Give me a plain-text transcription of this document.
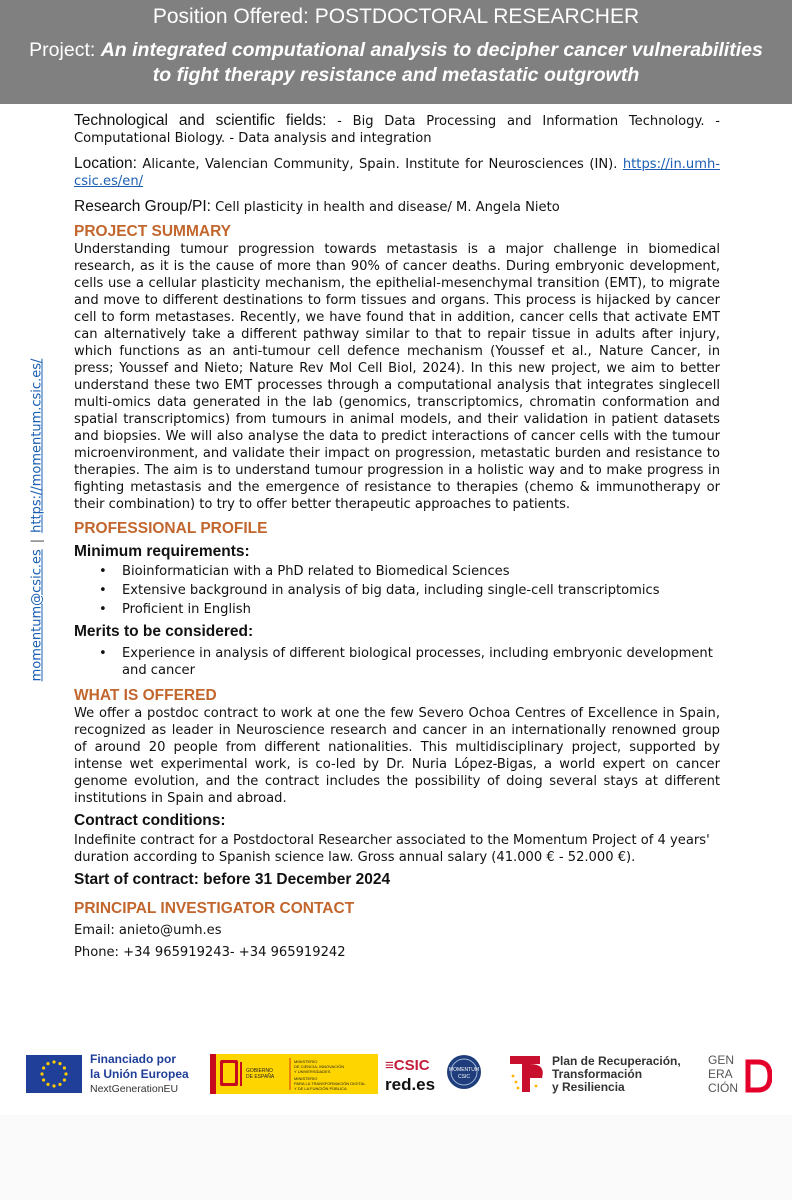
Position Offered: POSTDOCTORAL RESEARCHER
Project: An integrated computational analysis to decipher cancer vulnerabilities
to fight therapy resistance and metastatic outgrowth
momentum@csic.es|https://momentum.csic.es/

Technological and scientific fields: - Big Data Processing and Information Technology. - Computational Biology. - Data analysis and integration

Location: Alicante, Valencian Community, Spain. Institute for Neurosciences (IN). https://in.umh-csic.es/en/

Research Group/PI: Cell plasticity in health and disease/ M. Angela Nieto

PROJECT SUMMARY

Understanding tumour progression towards metastasis is a major challenge in biomedical research, as it is the cause of more than 90% of cancer deaths. During embryonic development, cells use a cellular plasticity mechanism, the epithelial-mesenchymal transition (EMT), to migrate and move to different destinations to form tissues and organs. This process is hijacked by cancer cell to form metastases. Recently, we have found that in addition, cancer cells that activate EMT can alternatively take a different pathway similar to that to repair tissue in adults after injury, which functions as an anti-tumour cell defence mechanism (Youssef et al., Nature Cancer, in press; Youssef and Nieto; Nature Rev Mol Cell Biol, 2024). In this new project, we aim to better understand these two EMT processes through a computational analysis that integrates singlecell multi-omics data generated in the lab (genomics, transcriptomics, chromatin conformation and spatial transcriptomics) from tumours in animal models, and their validation in patient datasets and biopsies. We will also analyse the data to predict interactions of cancer cells with the tumour microenvironment, and validate their impact on progression, metastatic burden and resistance to therapies. The aim is to understand tumour progression in a holistic way and to make progress in fighting metastasis and the emergence of resistance to therapies (chemo & immunotherapy or their combination) to try to offer better therapeutic approaches to patients.

PROFESSIONAL PROFILE
Minimum requirements:
• Bioinformatician with a PhD related to Biomedical Sciences
• Extensive background in analysis of big data, including single-cell transcriptomics
• Proficient in English
Merits to be considered:
• Experience in analysis of different biological processes, including embryonic development and cancer
WHAT IS OFFERED

We offer a postdoc contract to work at one the few Severo Ochoa Centres of Excellence in Spain, recognized as leader in Neuroscience research and cancer in an internationally renowned group of around 20 people from different nationalities. This multidisciplinary project, supported by intense wet experimental work, is co-led by Dr. Nuria López-Bigas, a world expert on cancer genome evolution, and the contract includes the possibility of doing several stays at different institutions in Spain and abroad.

Contract conditions:

Indefinite contract for a Postdoctoral Researcher associated to the Momentum Project of 4 years' duration according to Spanish science law. Gross annual salary (41.000 € - 52.000 €).

Start of contract: before 31 December 2024
PRINCIPAL INVESTIGATOR CONTACT

Email: anieto@umh.es

Phone: +34 965919243- +34 965919242

Financiado por
la Unión Europea
NextGenerationEU
GOBIERNO
DE ESPAÑA
MINISTERIO
DE CIENCIA, INNOVACIÓN
Y UNIVERSIDADES
MINISTERIO
PARA LA TRANSFORMACIÓN DIGITAL
Y DE LA FUNCIÓN PÚBLICA
≡CSIC
red.es
MOMENTUM
CSIC
Plan de Recuperación,
Transformación
y Resiliencia
GEN
ERA
CIÓN
